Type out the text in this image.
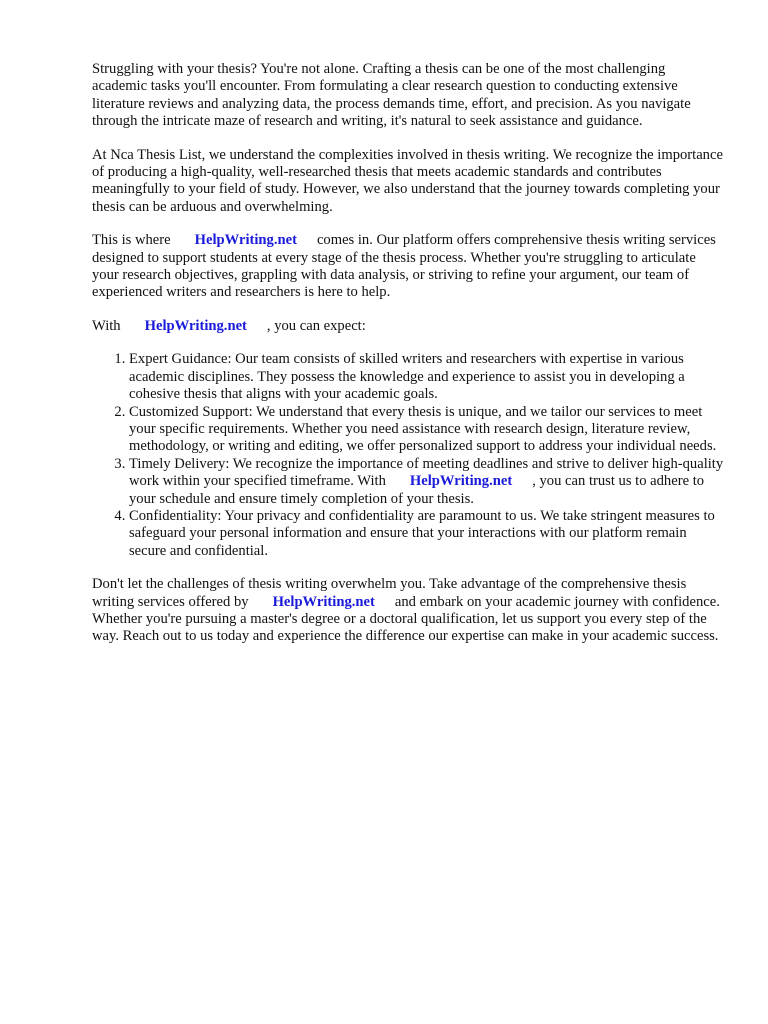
Struggling with your thesis? You're not alone. Crafting a thesis can be one of the most challenging academic tasks you'll encounter. From formulating a clear research question to conducting extensive literature reviews and analyzing data, the process demands time, effort, and precision. As you navigate through the intricate maze of research and writing, it's natural to seek assistance and guidance.

At Nca Thesis List, we understand the complexities involved in thesis writing. We recognize the importance of producing a high-quality, well-researched thesis that meets academic standards and contributes meaningfully to your field of study. However, we also understand that the journey towards completing your thesis can be arduous and overwhelming.

This is where HelpWriting.net comes in. Our platform offers comprehensive thesis writing services designed to support students at every stage of the thesis process. Whether you're struggling to articulate your research objectives, grappling with data analysis, or striving to refine your argument, our team of experienced writers and researchers is here to help.

With HelpWriting.net , you can expect:

1. Expert Guidance: Our team consists of skilled writers and researchers with expertise in various academic disciplines. They possess the knowledge and experience to assist you in developing a cohesive thesis that aligns with your academic goals.
2. Customized Support: We understand that every thesis is unique, and we tailor our services to meet your specific requirements. Whether you need assistance with research design, literature review, methodology, or writing and editing, we offer personalized support to address your individual needs.
3. Timely Delivery: We recognize the importance of meeting deadlines and strive to deliver high-quality work within your specified timeframe. With HelpWriting.net , you can trust us to adhere to your schedule and ensure timely completion of your thesis.
4. Confidentiality: Your privacy and confidentiality are paramount to us. We take stringent measures to safeguard your personal information and ensure that your interactions with our platform remain secure and confidential.

Don't let the challenges of thesis writing overwhelm you. Take advantage of the comprehensive thesis writing services offered by HelpWriting.net and embark on your academic journey with confidence. Whether you're pursuing a master's degree or a doctoral qualification, let us support you every step of the way. Reach out to us today and experience the difference our expertise can make in your academic success.
